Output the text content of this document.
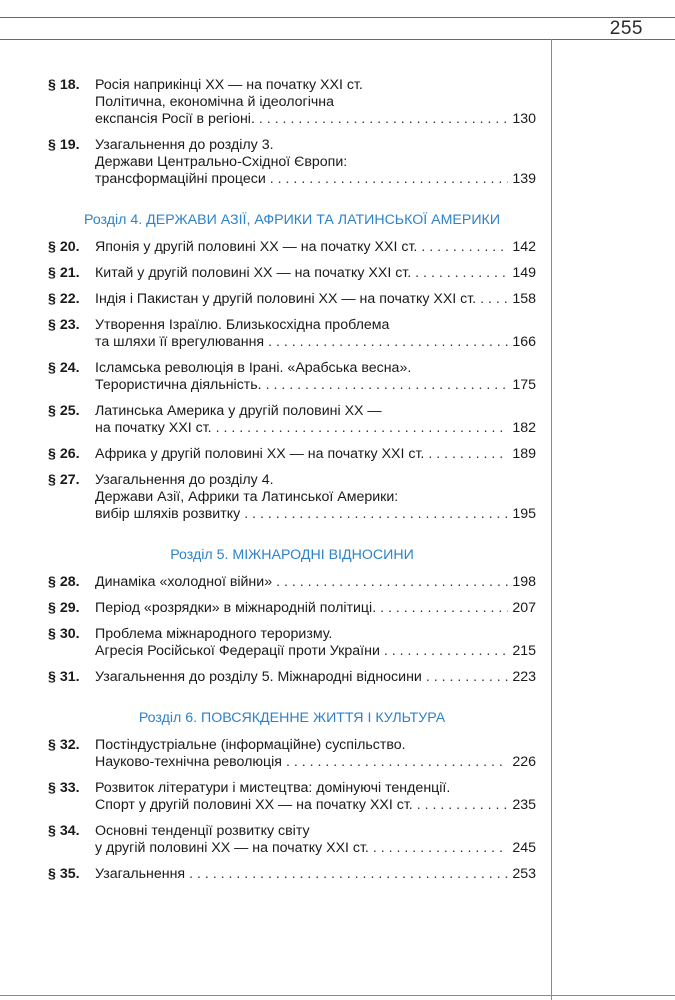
255
§ 18.	Росія наприкінці XX — на початку XXI ст.
Політична, економічна й ідеологічна
експансія Росії в регіоні. . . .	130
§ 19.	Узагальнення до розділу 3.
Держави Центрально-Східної Європи:
трансформаційні процеси . . .	139
Розділ 4. ДЕРЖАВИ АЗІЇ, АФРИКИ ТА ЛАТИНСЬКОЇ АМЕРИКИ
§ 20.	Японія у другій половині XX — на початку XXI ст. . . .	142
§ 21.	Китай у другій половині XX — на початку XXI ст. . . .	149
§ 22.	Індія і Пакистан у другій половині XX — на початку XXI ст. . . .	158
§ 23.	Утворення Ізраїлю. Близькосхідна проблема
та шляхи її врегулювання . . .	166
§ 24.	Ісламська революція в Ірані. «Арабська весна».
Терористична діяльність. . . .	175
§ 25.	Латинська Америка у другій половині XX —
на початку XXI ст. . . .	182
§ 26.	Африка у другій половині XX — на початку XXI ст. . . .	189
§ 27.	Узагальнення до розділу 4.
Держави Азії, Африки та Латинської Америки:
вибір шляхів розвитку . . .	195
Розділ 5. МІЖНАРОДНІ ВІДНОСИНИ
§ 28.	Динаміка «холодної війни» . . .	198
§ 29.	Період «розрядки» в міжнародній політиці. . . .	207
§ 30.	Проблема міжнародного тероризму.
Агресія Російської Федерації проти України . . .	215
§ 31.	Узагальнення до розділу 5. Міжнародні відносини . . .	223
Розділ 6. ПОВСЯКДЕННЕ ЖИТТЯ І КУЛЬТУРА
§ 32.	Постіндустріальне (інформаційне) суспільство.
Науково-технічна революція . . .	226
§ 33.	Розвиток літератури і мистецтва: домінуючі тенденції.
Спорт у другій половині XX — на початку XXI ст. . . .	235
§ 34.	Основні тенденції розвитку світу
у другій половині XX — на початку XXI ст. . . .	245
§ 35.	Узагальнення . . .	253
